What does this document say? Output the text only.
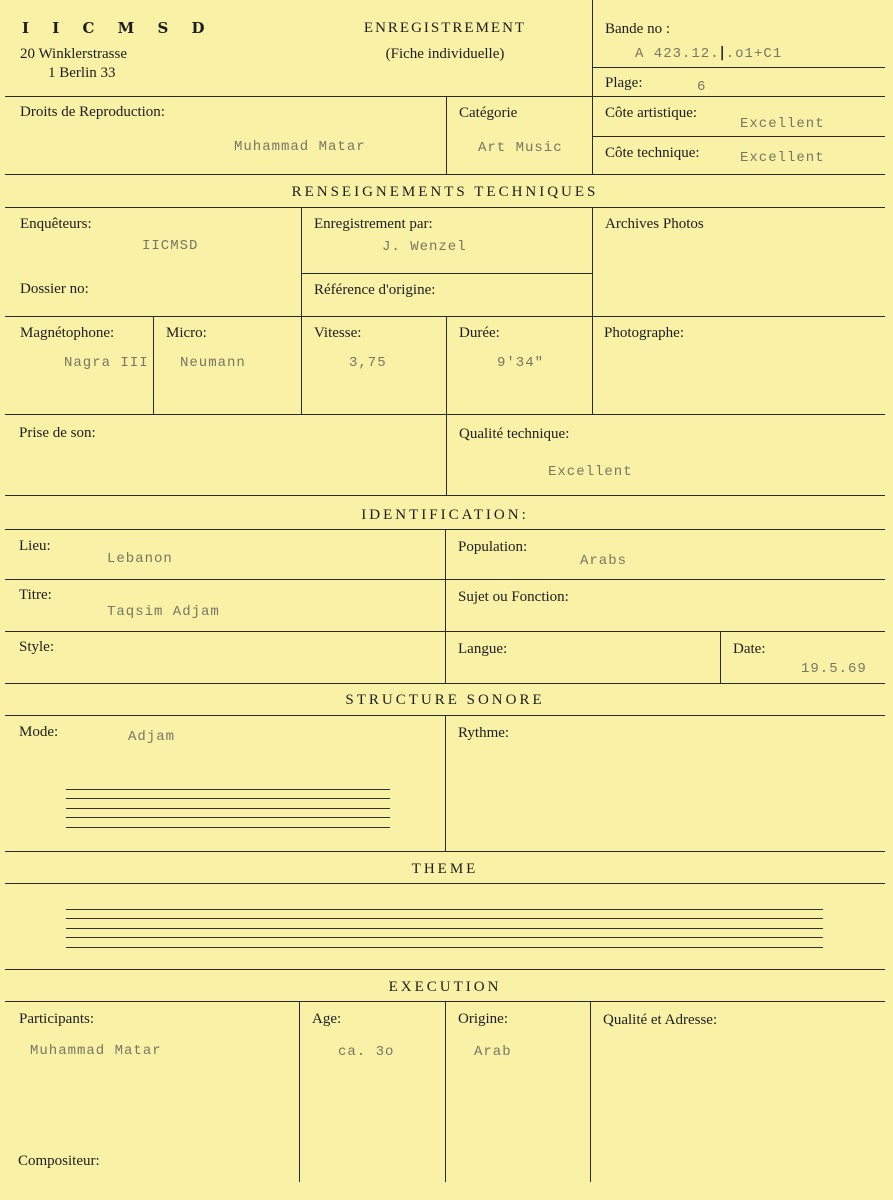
I I C M S D
20 Winklerstrasse
1 Berlin 33
ENREGISTREMENT
(Fiche individuelle)
Bande no :
A 423.12.|.o1+C1
Plage:	6
Droits de Reproduction:
Muhammad Matar
Catégorie
Art Music
Côte artistique:
Excellent
Côte technique:	Excellent
RENSEIGNEMENTS TECHNIQUES
Enquêteurs:
IICMSD
Enregistrement par:
J. Wenzel
Archives Photos
Dossier no:	Référence d'origine:
Magnétophone:
Nagra III
Micro:
Neumann
Vitesse:
3,75
Durée:
9'34"
Photographe:
Prise de son:	Qualité technique:
Excellent
IDENTIFICATION:
Lieu:
Lebanon
Population:
Arabs
Titre:
Taqsim Adjam
Sujet ou Fonction:
Style:	Langue:	Date:
19.5.69
STRUCTURE SONORE
Mode:	Adjam	Rythme:
THEME
EXECUTION
Participants:
Muhammad Matar
Age:
ca. 3o
Origine:
Arab
Qualité et Adresse:
Compositeur:
